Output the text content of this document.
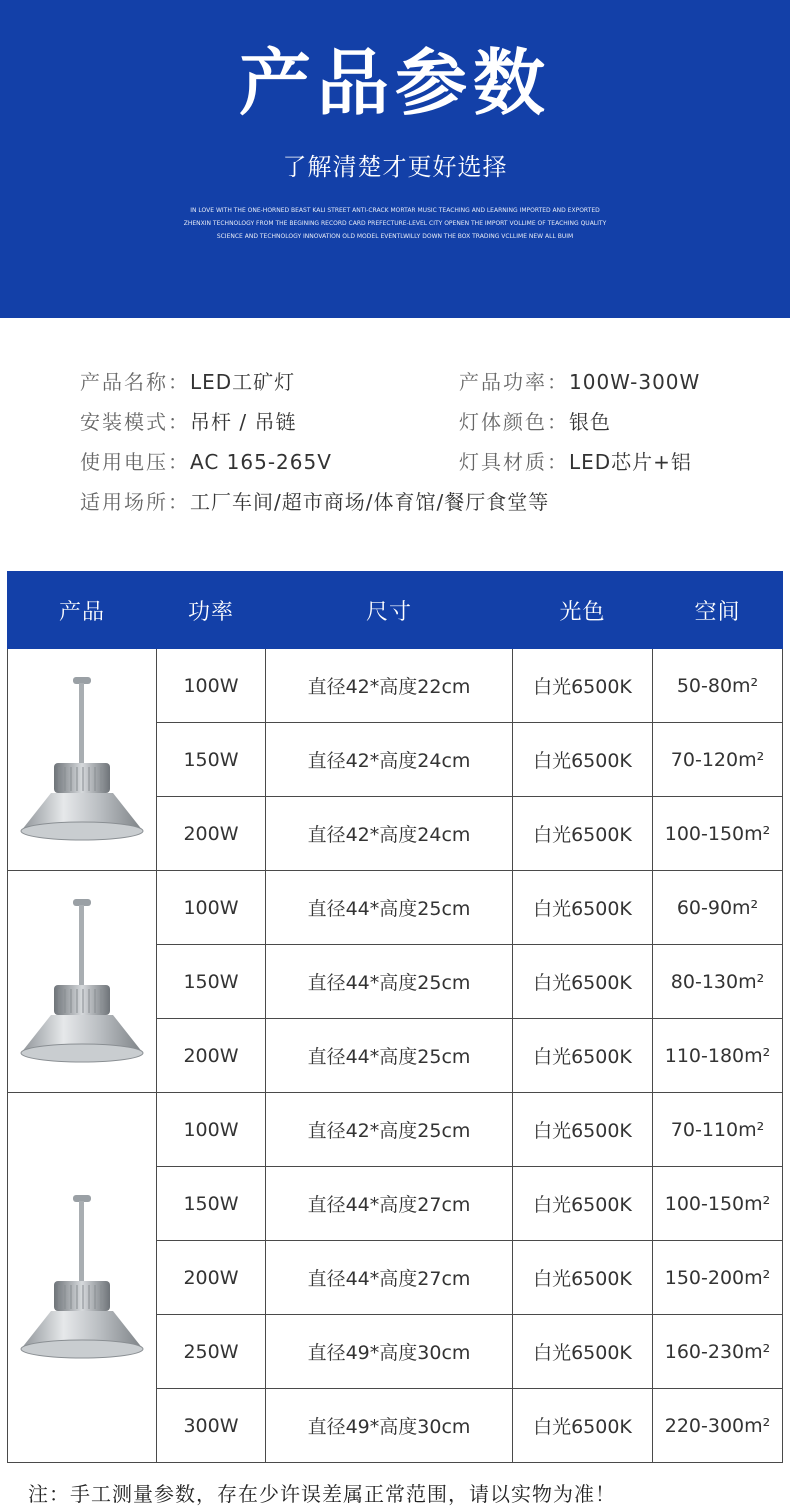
产品参数
了解清楚才更好选择
IN LOVE WITH THE ONE-HORNED BEAST KALI STREET ANTI-CRACK MORTAR MUSIC TEACHING AND LEARNING IMPORTED AND EXPORTED
ZHENXIN TECHNOLOGY FROM THE BEGINING RECORD CARD PREFECTURE-LEVEL CITY OPENEN THE IMPORT VOLLIME OF TEACHING QUALITY
SCIENCE AND TECHNOLOGY INNOVATION OLD MODEL EVENTLWILLY DOWN THE BOX TRADING VCLLIME NEW ALL BUIM
产品名称：LED工矿灯	产品功率：100W-300W
安装模式：吊杆 / 吊链	灯体颜色：银色
使用电压：AC 165-265V	灯具材质：LED芯片+铝
适用场所：工厂车间/超市商场/体育馆/餐厅食堂等
产品	功率	尺寸	光色	空间

	100W	直径42*高度22cm	白光6500K	50-80m²
	150W	直径42*高度24cm	白光6500K	70-120m²
	200W	直径42*高度24cm	白光6500K	100-150m²

	100W	直径44*高度25cm	白光6500K	60-90m²
	150W	直径44*高度25cm	白光6500K	80-130m²
	200W	直径44*高度25cm	白光6500K	110-180m²

	100W	直径42*高度25cm	白光6500K	70-110m²
	150W	直径44*高度27cm	白光6500K	100-150m²
	200W	直径44*高度27cm	白光6500K	150-200m²
	250W	直径49*高度30cm	白光6500K	160-230m²
	300W	直径49*高度30cm	白光6500K	220-300m²
注：手工测量参数，存在少许误差属正常范围，请以实物为准！
